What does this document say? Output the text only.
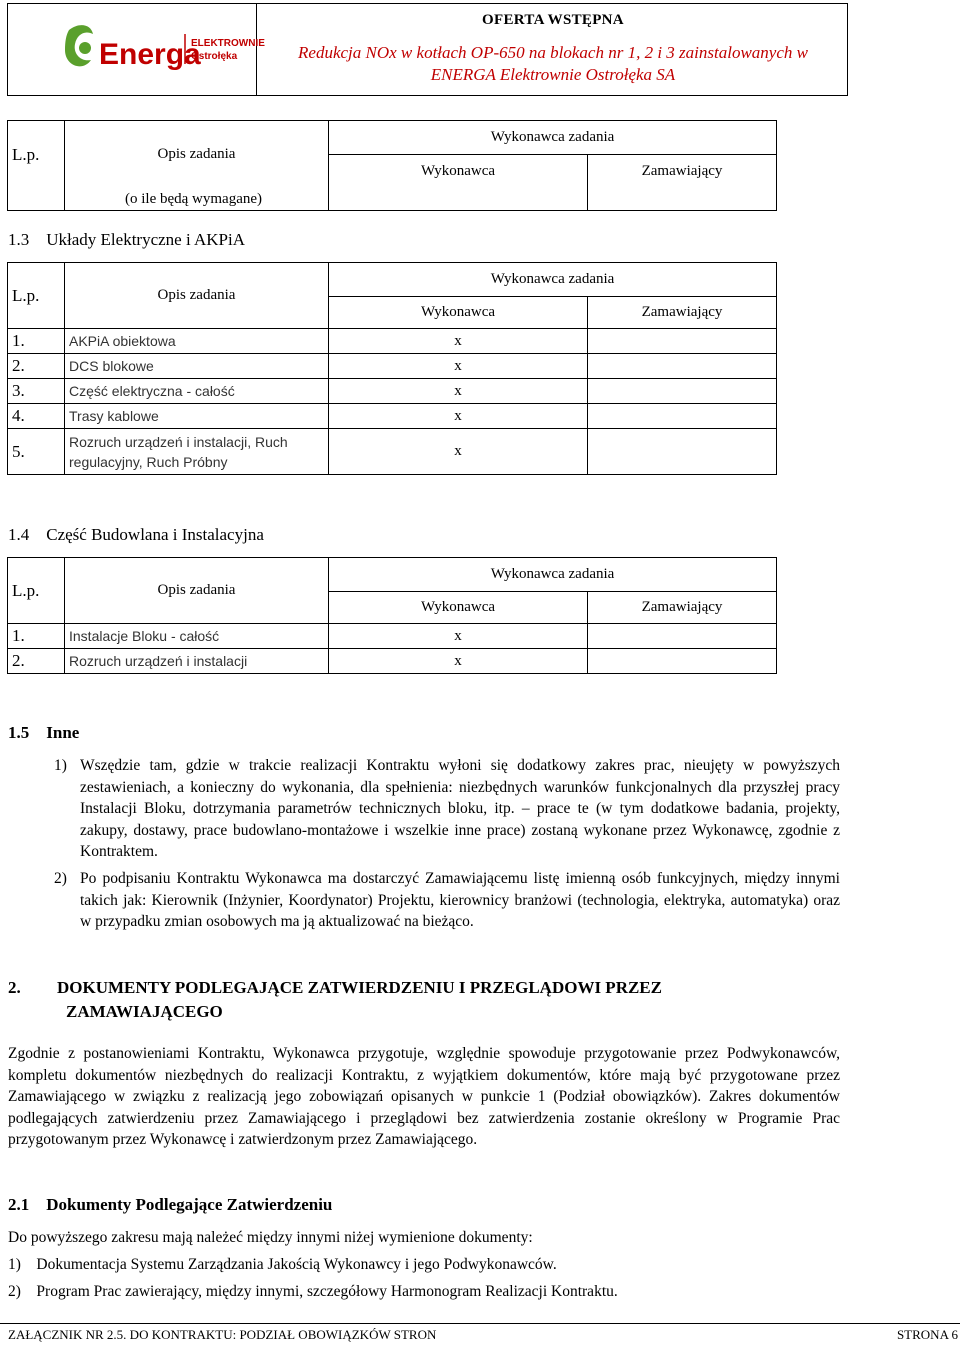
Energa
ELEKTROWNIE
Ostrołęka
OFERTA WSTĘPNA
Redukcja NOx w kotłach OP-650 na blokach nr 1, 2 i 3 zainstalowanych w
ENERGA Elektrownie Ostrołęka SA
L.p.	Opis zadania	Wykonawca zadania	
		Wykonawca	Zamawiający
	(o ile będą wymagane)		
1.3 Układy Elektryczne i AKPiA
L.p.	Opis zadania	Wykonawca zadania	
		Wykonawca	Zamawiający
1.	AKPiA obiektowa	x	
2.	DCS blokowe	x	
3.	Część elektryczna - całość	x	
4.	Trasy kablowe	x	
5.	Rozruch urządzeń i instalacji, Ruch regulacyjny, Ruch Próbny	x	
1.4 Część Budowlana i Instalacyjna
L.p.	Opis zadania	Wykonawca zadania	
		Wykonawca	Zamawiający
1.	Instalacje Bloku - całość	x	
2.	Rozruch urządzeń i instalacji	x	
1.5 Inne
1) Wszędzie tam, gdzie w trakcie realizacji Kontraktu wyłoni się dodatkowy zakres prac, nieujęty w powyższych zestawieniach, a konieczny do wykonania, dla spełnienia: niezbędnych warunków funkcjonalnych dla przyszłej pracy Instalacji Bloku, dotrzymania parametrów technicznych bloku, itp. – prace te (w tym dodatkowe badania, projekty, zakupy, dostawy, prace budowlano-montażowe i wszelkie inne prace) zostaną wykonane przez Wykonawcę, zgodnie z Kontraktem.
2) Po podpisaniu Kontraktu Wykonawca ma dostarczyć Zamawiającemu listę imienną osób funkcyjnych, między innymi takich jak: Kierownik (Inżynier, Koordynator) Projektu, kierownicy branżowi (technologia, elektryka, automatyka) oraz w przypadku zmian osobowych ma ją aktualizować na bieżąco.
2. DOKUMENTY PODLEGAJĄCE ZATWIERDZENIU I PRZEGLĄDOWI PRZEZ
ZAMAWIAJĄCEGO
Zgodnie z postanowieniami Kontraktu, Wykonawca przygotuje, względnie spowoduje przygotowanie przez Podwykonawców, kompletu dokumentów niezbędnych do realizacji Kontraktu, z wyjątkiem dokumentów, które mają być przygotowane przez Zamawiającego w związku z realizacją jego zobowiązań opisanych w punkcie 1 (Podział obowiązków). Zakres dokumentów podlegających zatwierdzeniu przez Zamawiającego i przeglądowi bez zatwierdzenia zostanie określony w Programie Prac przygotowanym przez Wykonawcę i zatwierdzonym przez Zamawiającego.
2.1 Dokumenty Podlegające Zatwierdzeniu
Do powyższego zakresu mają należeć między innymi niżej wymienione dokumenty:
1) Dokumentacja Systemu Zarządzania Jakością Wykonawcy i jego Podwykonawców.
2) Program Prac zawierający, między innymi, szczegółowy Harmonogram Realizacji Kontraktu.
ZAŁĄCZNIK NR 2.5. DO KONTRAKTU: PODZIAŁ OBOWIĄZKÓW STRON	STRONA 6
